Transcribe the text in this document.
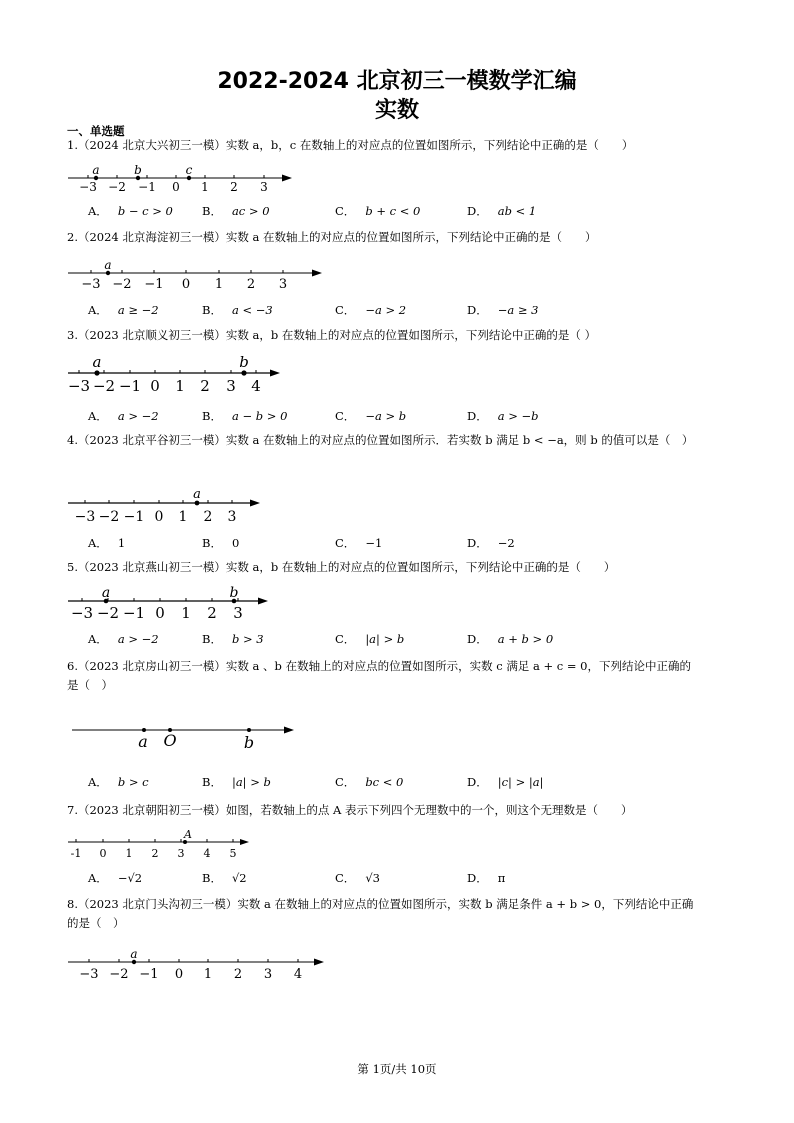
2022-2024 北京初三一模数学汇编
实数
一、单选题
1.（2024 北京大兴初三一模）实数 a，b，c 在数轴上的对应点的位置如图所示，下列结论中正确的是（　　）
−3 −2 −1 0 1 2 3
a	b	c
A． b − c > 0	B． ac > 0	C． b + c < 0	D． ab < 1
2.（2024 北京海淀初三一模）实数 a 在数轴上的对应点的位置如图所示，下列结论中正确的是（　　）
−3 −2 −1 0 1 2 3
a
A． a ≥ −2	B． a < −3	C． −a > 2	D． −a ≥ 3
3.（2023 北京顺义初三一模）实数 a，b 在数轴上的对应点的位置如图所示，下列结论中正确的是（ ）
−3 −2 −1 0 1 2 3 4
a	b
A． a > −2	B． a − b > 0	C． −a > b	D． a > −b
4.（2023 北京平谷初三一模）实数 a 在数轴上的对应点的位置如图所示．若实数 b 满足 b < −a，则 b 的值可以是（　）
−3 −2 −1 0 1 2 3
a
A． 1	B． 0	C． −1	D． −2
5.（2023 北京燕山初三一模）实数 a，b 在数轴上的对应点的位置如图所示，下列结论中正确的是（　　）
−3 −2 −1 0 1 2 3
a	b
A． a > −2	B． b > 3	C． |a| > b	D． a + b > 0
6.（2023 北京房山初三一模）实数 a 、b 在数轴上的对应点的位置如图所示，实数 c 满足 a + c = 0，下列结论中正确的是（　）
a O	b
A． b > c	B． |a| > b	C． bc < 0	D． |c| > |a|
7.（2023 北京朝阳初三一模）如图，若数轴上的点 A 表示下列四个无理数中的一个，则这个无理数是（　　）
-1 0 1 2 3 4 5
A
A． −√2	B． √2	C． √3	D． π
8.（2023 北京门头沟初三一模）实数 a 在数轴上的对应点的位置如图所示，实数 b 满足条件 a + b > 0，下列结论中正确的是（　）
−3 −2 −1 0 1 2 3 4
a
第 1页/共 10页
